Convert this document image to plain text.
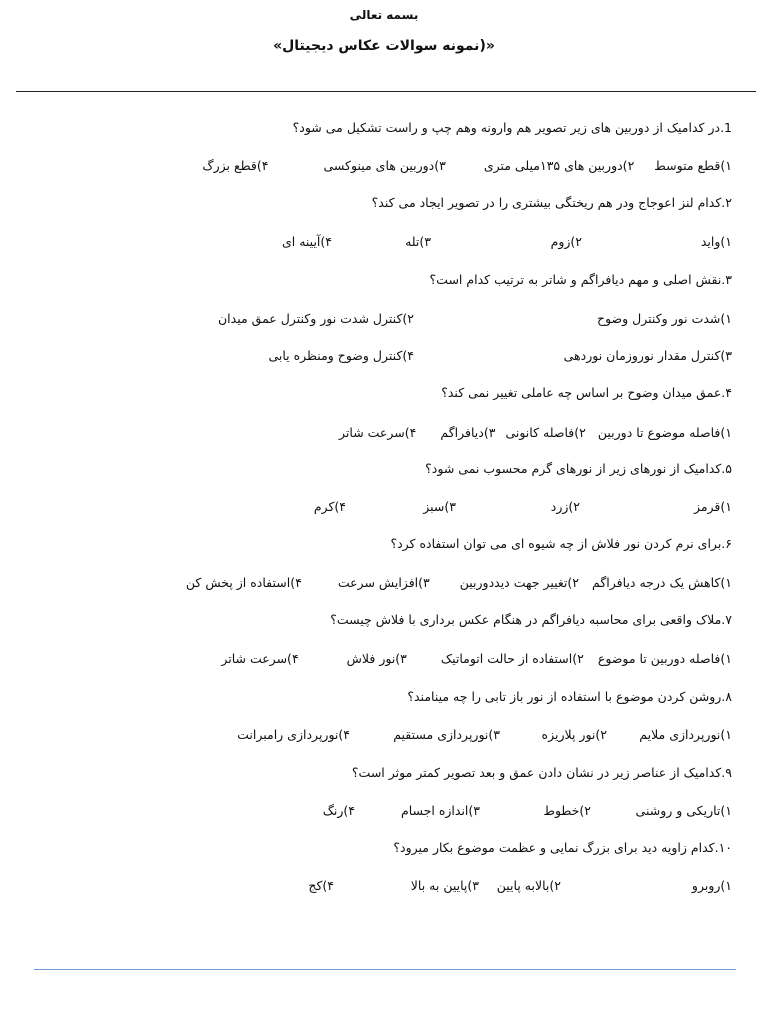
بسمه تعالی
«نمونه سوالات عکاس دیجیتال)»
1.در کدامیک از دوربین های زیر تصویر هم وارونه وهم چپ و راست تشکیل می شود؟
۱)قطع متوسط
۲)دوربین های ۱۳۵میلی متری
۳)دوربین های مینوکسی
۴)قطع بزرگ
۲.کدام لنز اعوجاج ودر هم ریختگی بیشتری را در تصویر ایجاد می کند؟
۱)واید
۲)زوم
۳)تله
۴)آیینه ای
۳.نقش اصلی و مهم دیافراگم و شاتر به ترتیب کدام است؟
۱)شدت نور وکنترل وضوح
۲)کنترل شدت نور وکنترل عمق میدان
۳)کنترل مقدار نوروزمان نوردهی
۴)کنترل وضوح ومنظره یابی
۴.عمق میدان وضوح بر اساس چه عاملی تغییر نمی کند؟
۱)فاصله موضوع تا دوربین
۲)فاصله کانونی
۳)دیافراگم
۴)سرعت شاتر
۵.کدامیک از نورهای زیر از نورهای گرم محسوب نمی شود؟
۱)قرمز
۲)زرد
۳)سبز
۴)کرم
۶.برای نرم کردن نور فلاش از چه شیوه ای می توان استفاده کرد؟
۱)کاهش یک درجه دیافراگم
۲)تغییر جهت دیددوربین
۳)افزایش سرعت
۴)استفاده از پخش کن
۷.ملاک واقعی برای محاسبه دیافراگم در هنگام عکس برداری با فلاش چیست؟
۱)فاصله دوربین تا موضوع
۲)استفاده از حالت اتوماتیک
۳)نور فلاش
۴)سرعت شاتر
۸.روشن کردن موضوع با استفاده از نور باز تابی را چه مینامند؟
۱)نورپردازی ملایم
۲)نور پلاریزه
۳)نورپردازی مستقیم
۴)نورپردازی رامبرانت
۹.کدامیک از عناصر زیر در نشان دادن عمق و بعد تصویر کمتر موثر است؟
۱)تاریکی و روشنی
۲)خطوط
۳)اندازه اجسام
۴)رنگ
۱۰.کدام زاویه دید برای بزرگ نمایی و عظمت موضوع بکار میرود؟
۱)روبرو
۲)بالابه پایین
۳)پایین به بالا
۴)کج
